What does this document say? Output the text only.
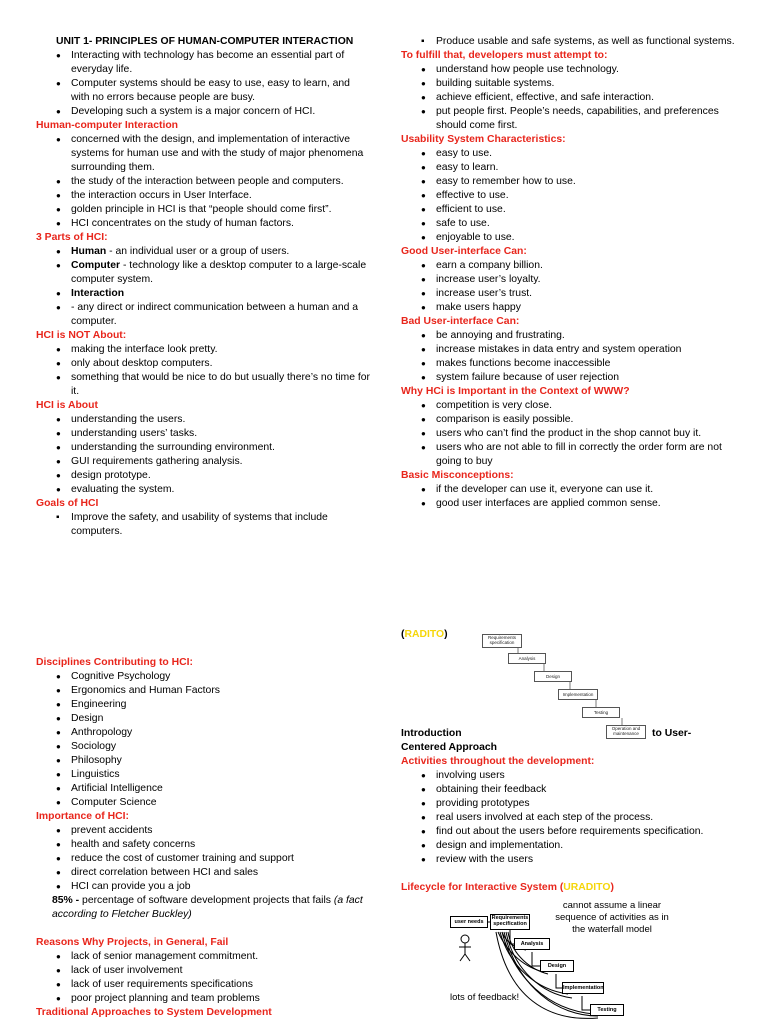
UNIT 1- PRINCIPLES OF HUMAN-COMPUTER INTERACTION

● Interacting with technology has become an essential part of everyday life.
● Computer systems should be easy to use, easy to learn, and with no errors because people are busy.
● Developing such a system is a major concern of HCI.

Human-computer Interaction

● concerned with the design, and implementation of interactive systems for human use and with the study of major phenomena surrounding them.
● the study of the interaction between people and computers.
● the interaction occurs in User Interface.
● golden principle in HCI is that “people should come first”.
● HCI concentrates on the study of human factors.

3 Parts of HCI:

● Human - an individual user or a group of users.
● Computer - technology like a desktop computer to a large-scale computer system.
● Interaction
● - any direct or indirect communication between a human and a computer.

HCI is NOT About:

● making the interface look pretty.
● only about desktop computers.
● something that would be nice to do but usually there’s no time for it.

HCI is About

● understanding the users.
● understanding users’ tasks.
● understanding the surrounding environment.
● GUI requirements gathering analysis.
● design prototype.
● evaluating the system.

Goals of HCI

▪ Improve the safety, and usability of systems that include computers.
▪ Produce usable and safe systems, as well as functional systems.

To fulfill that, developers must attempt to:

● understand how people use technology.
● building suitable systems.
● achieve efficient, effective, and safe interaction.
● put people first. People’s needs, capabilities, and preferences should come first.

Usability System Characteristics:

● easy to use.
● easy to learn.
● easy to remember how to use.
● effective to use.
● efficient to use.
● safe to use.
● enjoyable to use.

Good User-interface Can:

● earn a company billion.
● increase user’s loyalty.
● increase user’s trust.
● make users happy

Bad User-interface Can:

● be annoying and frustrating.
● increase mistakes in data entry and system operation
● makes functions become inaccessible
● system failure because of user rejection

Why HCi is Important in the Context of WWW?

● competition is very close.
● comparison is easily possible.
● users who can’t find the product in the shop cannot buy it.
● users who are not able to fill in correctly the order form are not going to buy

Basic Misconceptions:

● if the developer can use it, everyone can use it.
● good user interfaces are applied common sense.

Disciplines Contributing to HCI:

● Cognitive Psychology
● Ergonomics and Human Factors
● Engineering
● Design
● Anthropology
● Sociology
● Philosophy
● Linguistics
● Artificial Intelligence
● Computer Science

Importance of HCI:

● prevent accidents
● health and safety concerns
● reduce the cost of customer training and support
● direct correlation between HCI and sales
● HCI can provide you a job

85% - percentage of software development projects that fails (a fact according to Fletcher Buckley)

Reasons Why Projects, in General, Fail

● lack of senior management commitment.
● lack of user involvement
● lack of user requirements specifications
● poor project planning and team problems

Traditional Approaches to System Development

(RADITO)	Requirements specification
Analysis
Design
Implementation
Testing
Operation and maintenance
Introduction	to User-
Centered Approach

Activities throughout the development:

● involving users
● obtaining their feedback
● providing prototypes
● real users involved at each step of the process.
● find out about the users before requirements specification.
● design and implementation.
● review with the users

Lifecycle for Interactive System (URADITO)

user needs
Requirements specification
Analysis
Design
Implementation
Testing
cannot assume a linear sequence of activities as in the waterfall model
lots of feedback!
